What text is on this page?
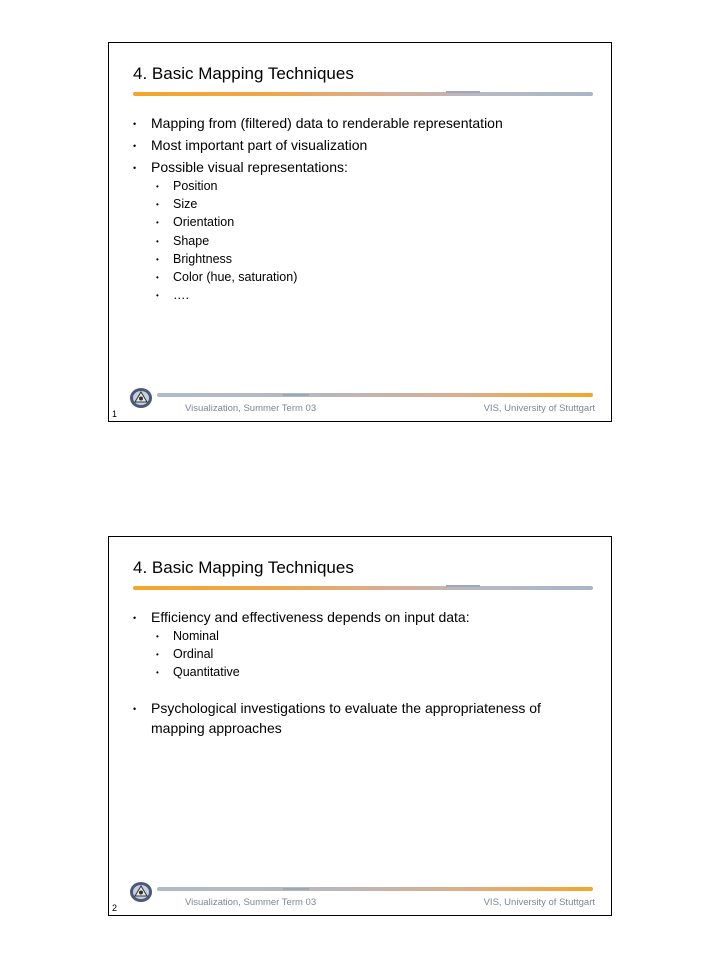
4. Basic Mapping Techniques
• Mapping from (filtered) data to renderable representation
• Most important part of visualization
• Possible visual representations:
• Position
• Size
• Orientation
• Shape
• Brightness
• Color (hue, saturation)
• ….
Visualization, Summer Term 03	VIS, University of Stuttgart
1
4. Basic Mapping Techniques
• Efficiency and effectiveness depends on input data:
• Nominal
• Ordinal
• Quantitative
• Psychological investigations to evaluate the appropriateness of mapping approaches
Visualization, Summer Term 03	VIS, University of Stuttgart
2
